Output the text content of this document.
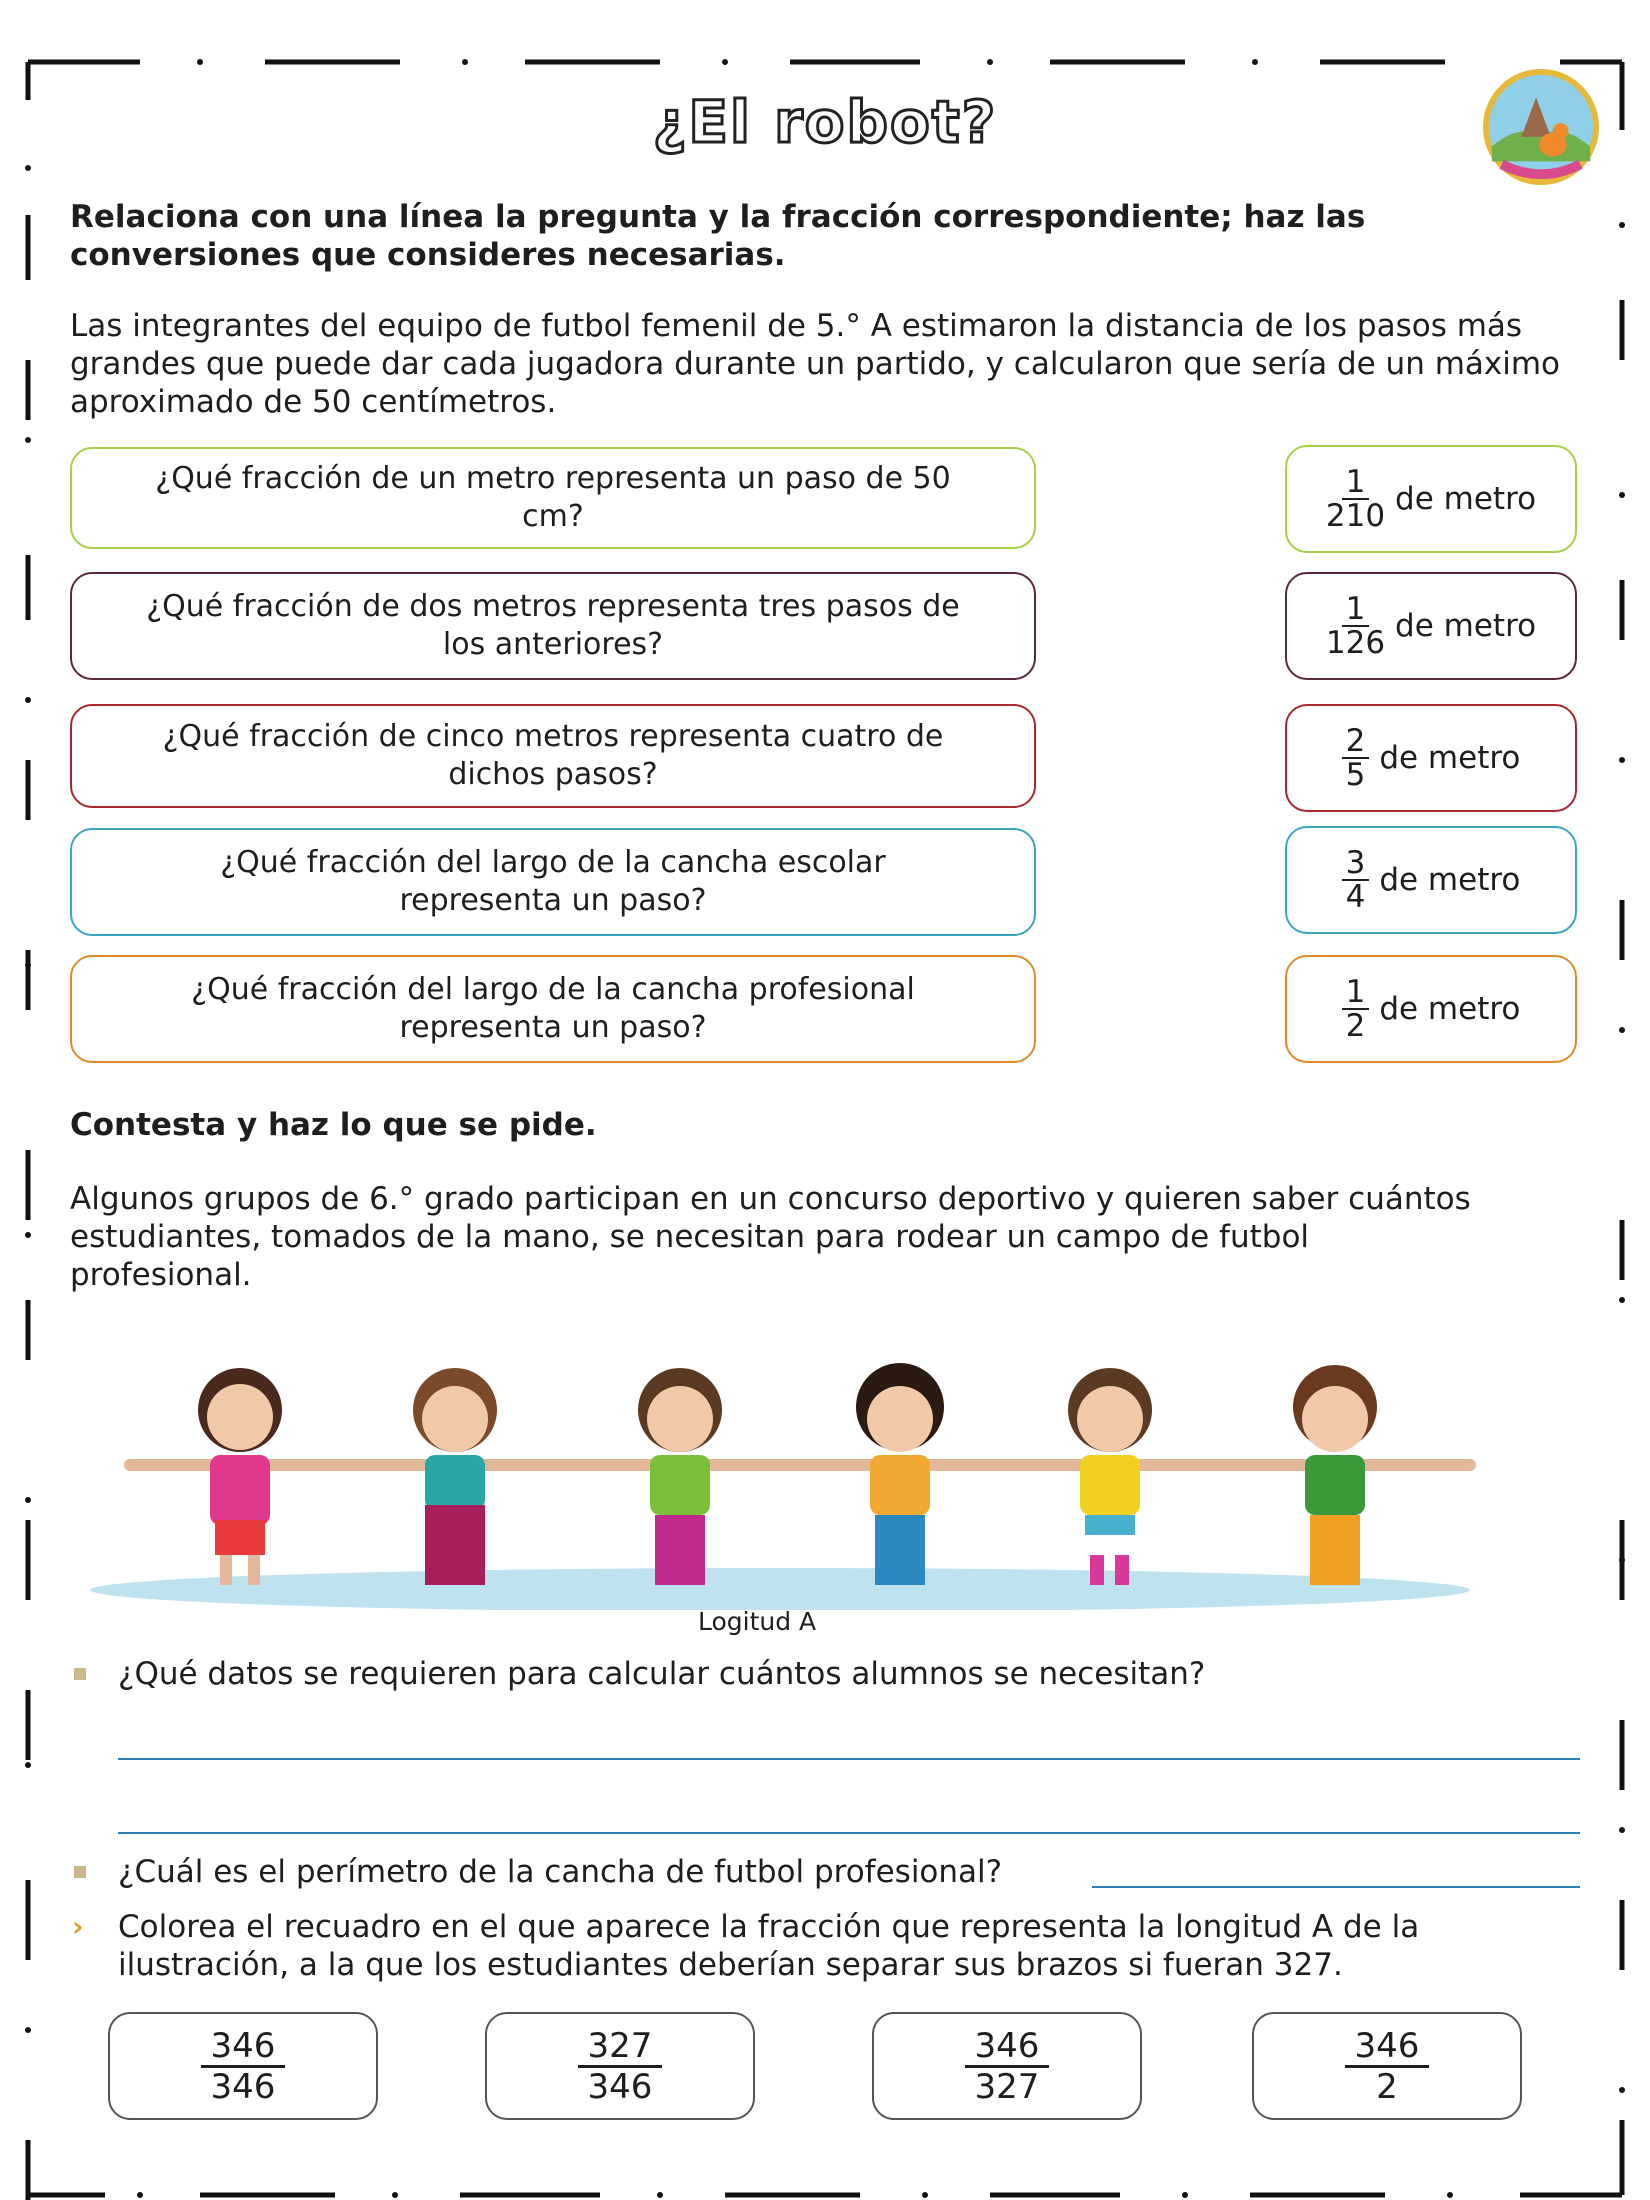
¿El robot?
Relaciona con una línea la pregunta y la fracción correspondiente; haz las conversiones que consideres necesarias.
Las integrantes del equipo de futbol femenil de 5.° A estimaron la distancia de los pasos más grandes que puede dar cada jugadora durante un partido, y calcularon que sería de un máximo aproximado de 50 centímetros.
¿Qué fracción de un metro representa un paso de 50 cm?
¿Qué fracción de dos metros representa tres pasos de los anteriores?
¿Qué fracción de cinco metros representa cuatro de dichos pasos?
¿Qué fracción del largo de la cancha escolar representa un paso?
¿Qué fracción del largo de la cancha profesional representa un paso?
$\frac{1}{210}$ de metro
$\frac{1}{126}$ de metro
$\frac{2}{5}$ de metro
$\frac{3}{4}$ de metro
$\frac{1}{2}$ de metro
Contesta y haz lo que se pide.
Algunos grupos de 6.° grado participan en un concurso deportivo y quieren saber cuántos estudiantes, tomados de la mano, se necesitan para rodear un campo de futbol profesional.
Logitud A
¿Qué datos se requieren para calcular cuántos alumnos se necesitan?
¿Cuál es el perímetro de la cancha de futbol profesional?
› Colorea el recuadro en el que aparece la fracción que representa la longitud A de la ilustración, a la que los estudiantes deberían separar sus brazos si fueran 327.
346
346
327
346
346
327
346
2
